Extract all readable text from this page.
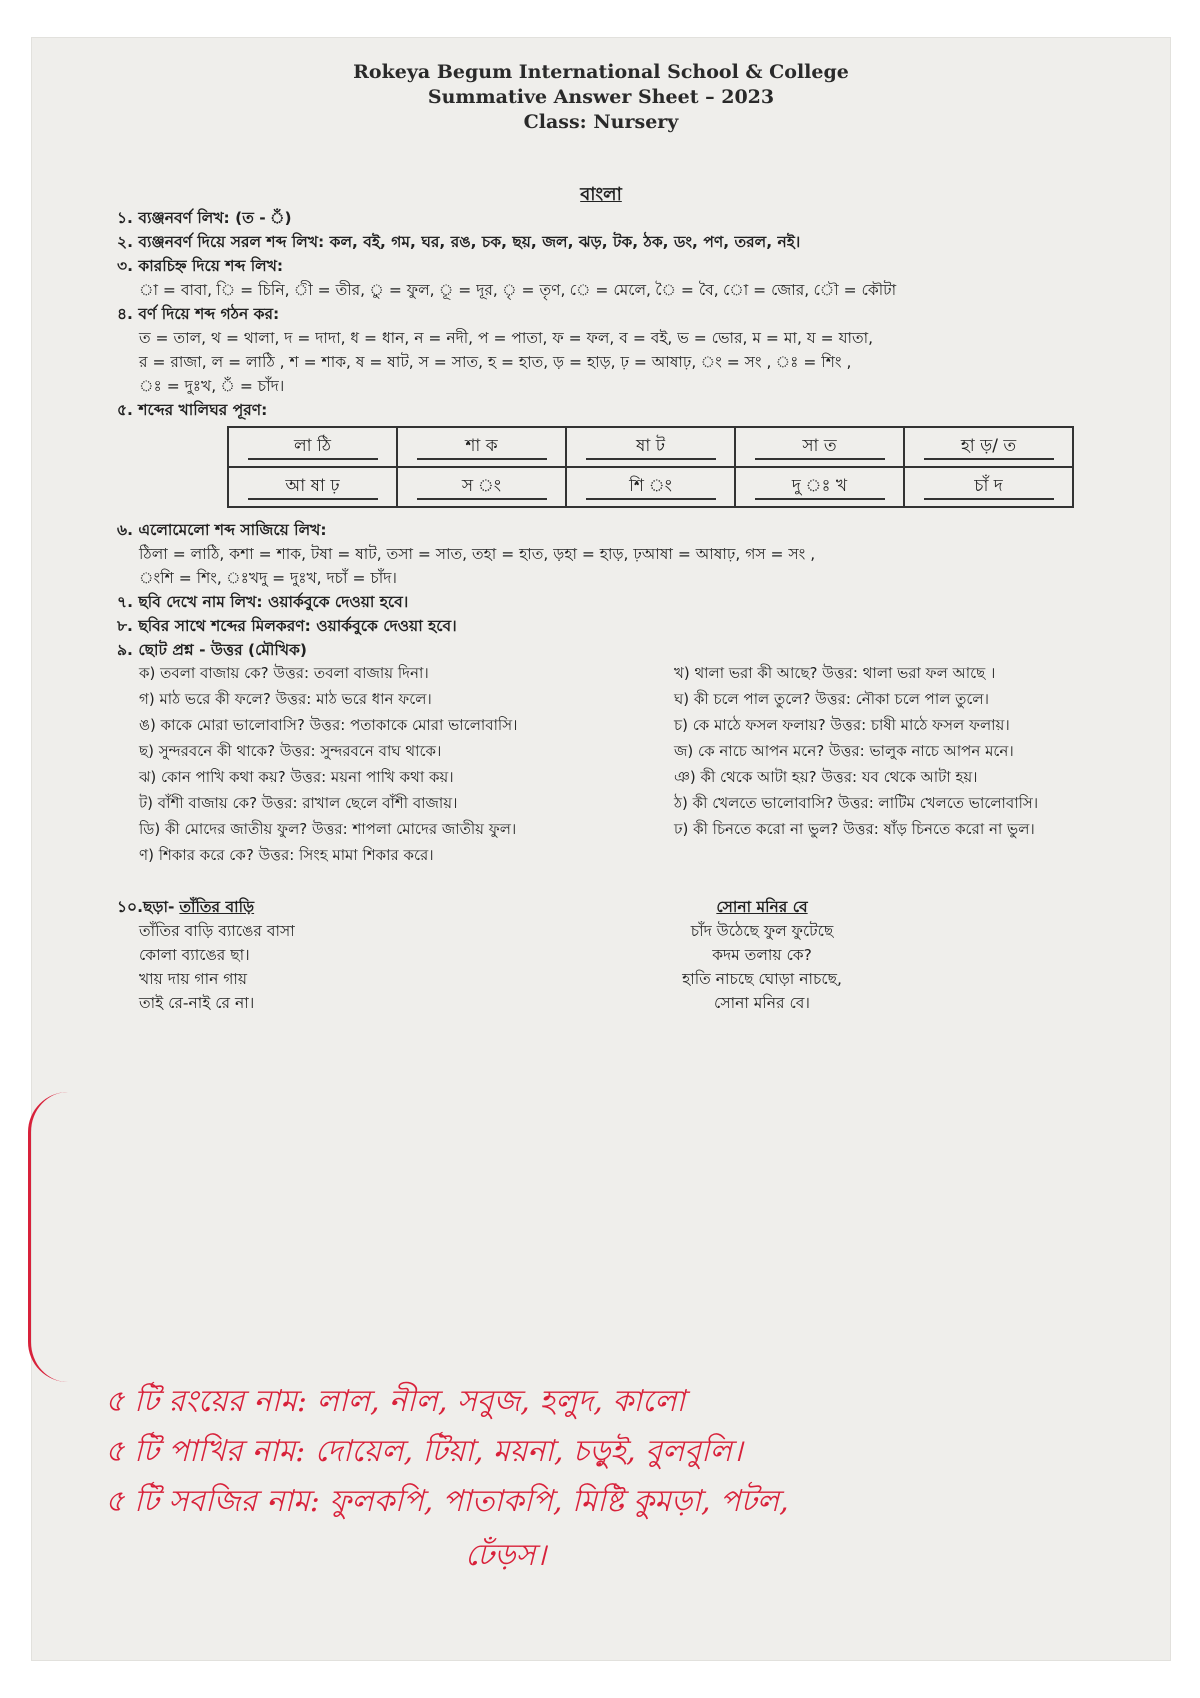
Rokeya Begum International School & College
Summative Answer Sheet – 2023
Class: Nursery
বাংলা
১. ব্যঞ্জনবর্ণ লিখ: (ত - ঁ)
২. ব্যঞ্জনবর্ণ দিয়ে সরল শব্দ লিখ: কল, বই, গম, ঘর, রঙ, চক, ছয়, জল, ঝড়, টক, ঠক, ডং, পণ, তরল, নই।
৩. কারচিহ্ন দিয়ে শব্দ লিখ:
া = বাবা, ি = চিনি, ী = তীর, ু = ফুল, ূ = দূর, ৃ = তৃণ, ে = মেলে, ৈ = বৈ, ো = জোর, ৌ = কৌটা
৪. বর্ণ দিয়ে শব্দ গঠন কর:
ত = তাল, থ = থালা, দ = দাদা, ধ = ধান, ন = নদী, প = পাতা, ফ = ফল, ব = বই, ভ = ভোর, ম = মা, য = যাতা,
র = রাজা, ল = লাঠি , শ = শাক, ষ = ষাট, স = সাত, হ = হাত, ড় = হাড়, ঢ় = আষাঢ়, ং = সং , ঃ = শিং ,
ঃ = দুঃখ, ঁ = চাঁদ।
৫. শব্দের খালিঘর পূরণ:
লা ঠি	শা ক	ষা ট	সা ত	হা ড়/ ত
আ ষা ঢ়	স ং	শি ং	দু ঃ খ	চাঁ দ
৬. এলোমেলো শব্দ সাজিয়ে লিখ:
ঠিলা = লাঠি, কশা = শাক, টষা = ষাট, তসা = সাত, তহা = হাত, ড়হা = হাড়, ঢ়আষা = আষাঢ়, গস = সং ,
ংশি = শিং, ঃখদু = দুঃখ, দচাঁ = চাঁদ।
৭. ছবি দেখে নাম লিখ: ওয়ার্কবুকে দেওয়া হবে।
৮. ছবির সাথে শব্দের মিলকরণ: ওয়ার্কবুকে দেওয়া হবে।
৯. ছোট প্রশ্ন - উত্তর (মৌখিক)
ক) তবলা বাজায় কে? উত্তর: তবলা বাজায় দিনা।	খ) থালা ভরা কী আছে? উত্তর: থালা ভরা ফল আছে ।
গ) মাঠ ভরে কী ফলে? উত্তর: মাঠ ভরে ধান ফলে।	ঘ) কী চলে পাল তুলে? উত্তর: নৌকা চলে পাল তুলে।
ঙ) কাকে মোরা ভালোবাসি? উত্তর: পতাকাকে মোরা ভালোবাসি।	চ) কে মাঠে ফসল ফলায়? উত্তর: চাষী মাঠে ফসল ফলায়।
ছ) সুন্দরবনে কী থাকে? উত্তর: সুন্দরবনে বাঘ থাকে।	জ) কে নাচে আপন মনে? উত্তর: ভালুক নাচে আপন মনে।
ঝ) কোন পাখি কথা কয়? উত্তর: ময়না পাখি কথা কয়।	ঞ) কী থেকে আটা হয়? উত্তর: যব থেকে আটা হয়।
ট) বাঁশী বাজায় কে? উত্তর: রাখাল ছেলে বাঁশী বাজায়।	ঠ) কী খেলতে ভালোবাসি? উত্তর: লাটিম খেলতে ভালোবাসি।
ডি) কী মোদের জাতীয় ফুল? উত্তর: শাপলা মোদের জাতীয় ফুল।	ঢ) কী চিনতে করো না ভুল? উত্তর: ষাঁড় চিনতে করো না ভুল।
ণ) শিকার করে কে? উত্তর: সিংহ মামা শিকার করে।
১০.ছড়া- তাঁতির বাড়ি
তাঁতির বাড়ি ব্যাঙের বাসা
কোলা ব্যাঙের ছা।
খায় দায় গান গায়
তাই রে-নাই রে না।
সোনা মনির বে
চাঁদ উঠেছে ফুল ফুটেছে
কদম তলায় কে?
হাতি নাচছে ঘোড়া নাচছে,
সোনা মনির বে।
৫ টি রংয়ের নাম: লাল, নীল, সবুজ, হলুদ, কালো
৫ টি পাখির নাম: দোয়েল, টিয়া, ময়না, চড়ুই, বুলবুলি।
৫ টি সবজির নাম: ফুলকপি, পাতাকপি, মিষ্টি কুমড়া, পটল,
ঢেঁড়স।
